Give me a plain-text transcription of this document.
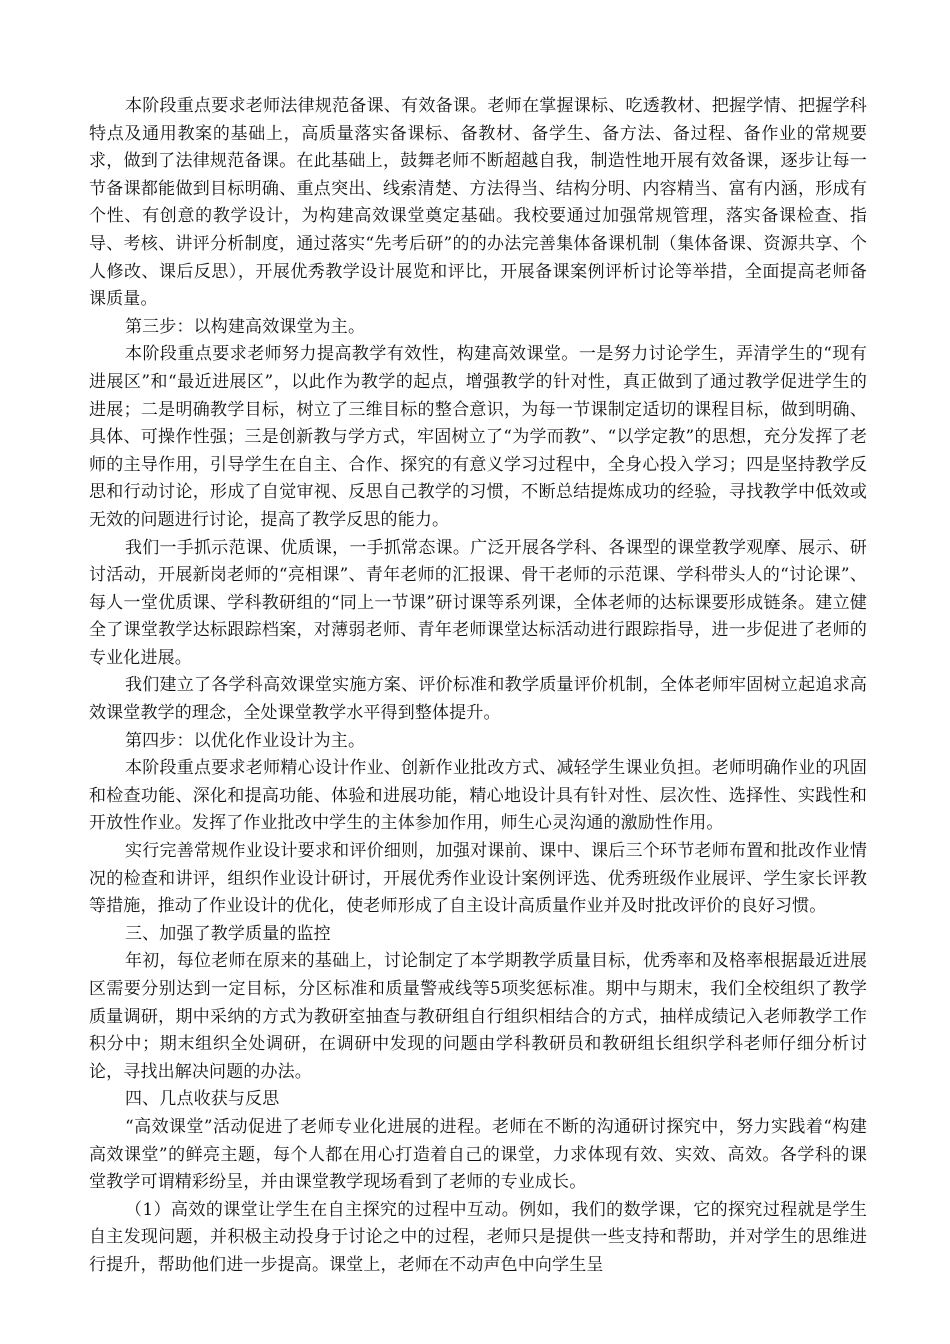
本阶段重点要求老师法律规范备课、有效备课。老师在掌握课标、吃透教材、把握学情、把握学科特点及通用教案的基础上，高质量落实备课标、备教材、备学生、备方法、备过程、备作业的常规要求，做到了法律规范备课。在此基础上，鼓舞老师不断超越自我，制造性地开展有效备课，逐步让每一节备课都能做到目标明确、重点突出、线索清楚、方法得当、结构分明、内容精当、富有内涵，形成有个性、有创意的教学设计，为构建高效课堂奠定基础。我校要通过加强常规管理，落实备课检查、指导、考核、讲评分析制度，通过落实“先考后研”的的办法完善集体备课机制（集体备课、资源共享、个人修改、课后反思），开展优秀教学设计展览和评比，开展备课案例评析讨论等举措，全面提高老师备课质量。

第三步：以构建高效课堂为主。

本阶段重点要求老师努力提高教学有效性，构建高效课堂。一是努力讨论学生，弄清学生的“现有进展区”和“最近进展区”，以此作为教学的起点，增强教学的针对性，真正做到了通过教学促进学生的进展；二是明确教学目标，树立了三维目标的整合意识，为每一节课制定适切的课程目标，做到明确、具体、可操作性强；三是创新教与学方式，牢固树立了“为学而教”、“以学定教”的思想，充分发挥了老师的主导作用，引导学生在自主、合作、探究的有意义学习过程中，全身心投入学习；四是坚持教学反思和行动讨论，形成了自觉审视、反思自己教学的习惯，不断总结提炼成功的经验，寻找教学中低效或无效的问题进行讨论，提高了教学反思的能力。

我们一手抓示范课、优质课，一手抓常态课。广泛开展各学科、各课型的课堂教学观摩、展示、研讨活动，开展新岗老师的“亮相课”、青年老师的汇报课、骨干老师的示范课、学科带头人的“讨论课”、 每人一堂优质课、学科教研组的“同上一节课”研讨课等系列课，全体老师的达标课要形成链条。建立健全了课堂教学达标跟踪档案，对薄弱老师、青年老师课堂达标活动进行跟踪指导，进一步促进了老师的专业化进展。

我们建立了各学科高效课堂实施方案、评价标准和教学质量评价机制，全体老师牢固树立起追求高效课堂教学的理念，全处课堂教学水平得到整体提升。

第四步：以优化作业设计为主。

本阶段重点要求老师精心设计作业、创新作业批改方式、减轻学生课业负担。老师明确作业的巩固和检查功能、深化和提高功能、体验和进展功能，精心地设计具有针对性、层次性、选择性、实践性和开放性作业。发挥了作业批改中学生的主体参加作用，师生心灵沟通的激励性作用。

实行完善常规作业设计要求和评价细则，加强对课前、课中、课后三个环节老师布置和批改作业情况的检查和讲评，组织作业设计研讨，开展优秀作业设计案例评选、优秀班级作业展评、学生家长评教等措施，推动了作业设计的优化，使老师形成了自主设计高质量作业并及时批改评价的良好习惯。

三、加强了教学质量的监控

年初，每位老师在原来的基础上，讨论制定了本学期教学质量目标，优秀率和及格率根据最近进展区需要分别达到一定目标，分区标准和质量警戒线等5项奖惩标准。期中与期末，我们全校组织了教学质量调研，期中采纳的方式为教研室抽查与教研组自行组织相结合的方式，抽样成绩记入老师教学工作积分中；期末组织全处调研，在调研中发现的问题由学科教研员和教研组长组织学科老师仔细分析讨论，寻找出解决问题的办法。

四、几点收获与反思

“高效课堂”活动促进了老师专业化进展的进程。老师在不断的沟通研讨探究中，努力实践着“构建高效课堂”的鲜亮主题，每个人都在用心打造着自己的课堂，力求体现有效、实效、高效。各学科的课堂教学可谓精彩纷呈，并由课堂教学现场看到了老师的专业成长。

（1）高效的课堂让学生在自主探究的过程中互动。例如，我们的数学课，它的探究过程就是学生自主发现问题，并积极主动投身于讨论之中的过程，老师只是提供一些支持和帮助，并对学生的思维进行提升，帮助他们进一步提高。课堂上，老师在不动声色中向学生呈
